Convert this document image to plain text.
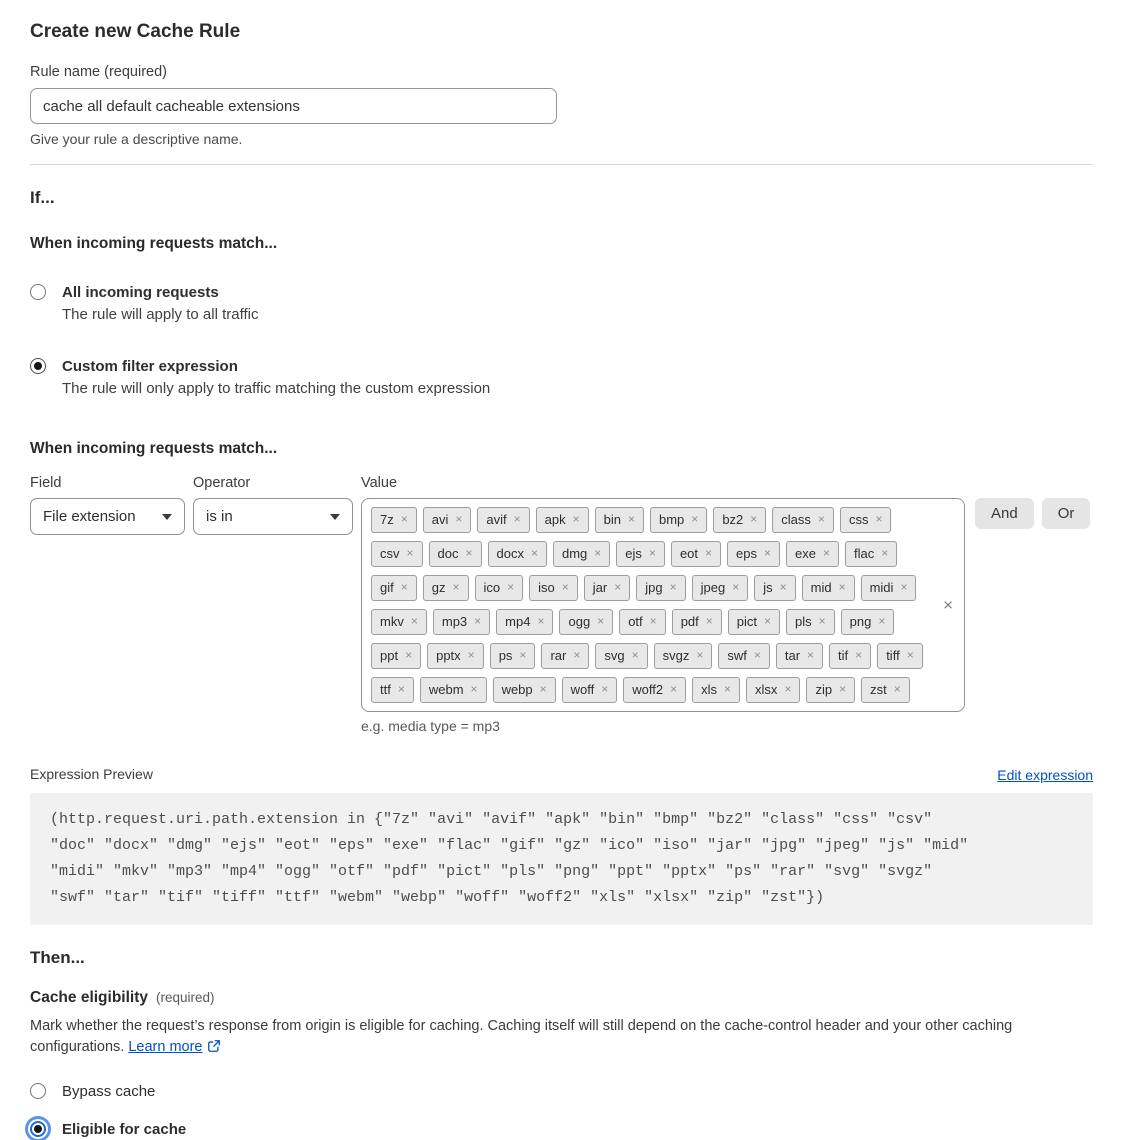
Create new Cache Rule
Rule name (required)
cache all default cacheable extensions
Give your rule a descriptive name.
If...
When incoming requests match...
All incoming requests
The rule will apply to all traffic
Custom filter expression
The rule will only apply to traffic matching the custom expression
When incoming requests match...
Field
File extension
Operator
is in
Value
7z × avi × avif × apk × bin × bmp × bz2 × class × css ×
csv × doc × docx × dmg × ejs × eot × eps × exe × flac ×
gif × gz × ico × iso × jar × jpg × jpeg × js × mid × midi ×
mkv × mp3 × mp4 × ogg × otf × pdf × pict × pls × png ×
ppt × pptx × ps × rar × svg × svgz × swf × tar × tif × tiff ×
ttf × webm × webp × woff × woff2 × xls × xlsx × zip × zst ×
×
e.g. media type = mp3
And	Or
Expression Preview	Edit expression
(http.request.uri.path.extension in {"7z" "avi" "avif" "apk" "bin" "bmp" "bz2" "class" "css" "csv"
"doc" "docx" "dmg" "ejs" "eot" "eps" "exe" "flac" "gif" "gz" "ico" "iso" "jar" "jpg" "jpeg" "js" "mid"
"midi" "mkv" "mp3" "mp4" "ogg" "otf" "pdf" "pict" "pls" "png" "ppt" "pptx" "ps" "rar" "svg" "svgz"
"swf" "tar" "tif" "tiff" "ttf" "webm" "webp" "woff" "woff2" "xls" "xlsx" "zip" "zst"})
Then...
Cache eligibility (required)

Mark whether the request’s response from origin is eligible for caching. Caching itself will still depend on the cache-control header and your other caching configurations. Learn more

Bypass cache
Eligible for cache
